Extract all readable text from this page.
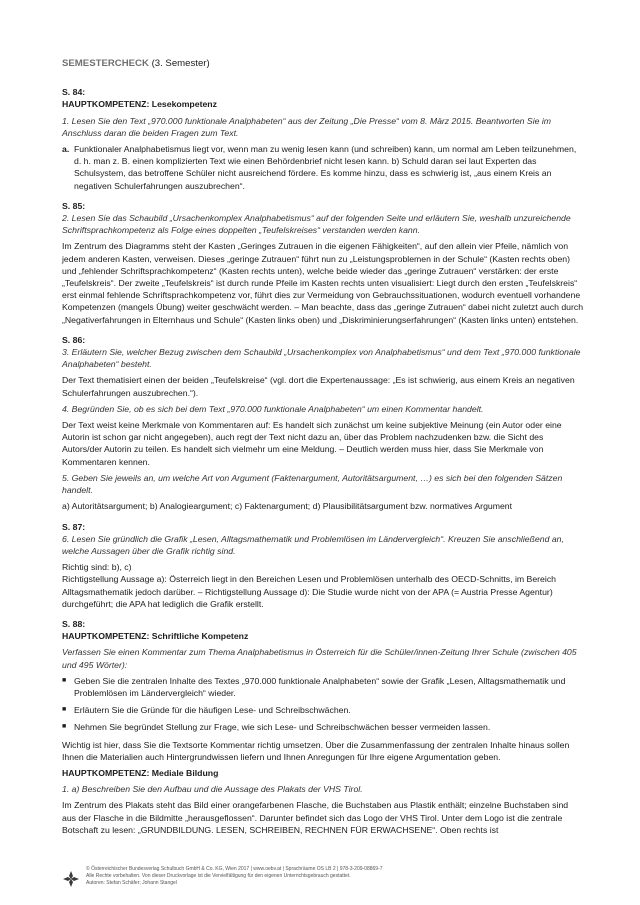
SEMESTERCHECK (3. Semester)
S. 84:
HAUPTKOMPETENZ: Lesekompetenz

1. Lesen Sie den Text „970.000 funktionale Analphabeten“ aus der Zeitung „Die Presse“ vom 8. März 2015. Beantworten Sie im Anschluss daran die beiden Fragen zum Text.

a. Funktionaler Analphabetismus liegt vor, wenn man zu wenig lesen kann (und schreiben) kann, um normal am Leben teilzunehmen, d. h. man z. B. einen komplizierten Text wie einen Behördenbrief nicht lesen kann. b) Schuld daran sei laut Experten das Schulsystem, das betroffene Schüler nicht ausreichend fördere. Es komme hinzu, dass es schwierig ist, „aus einem Kreis an negativen Schulerfahrungen auszubrechen“.
S. 85:

2. Lesen Sie das Schaubild „Ursachenkomplex Analphabetismus“ auf der folgenden Seite und erläutern Sie, weshalb unzureichende Schriftsprachkompetenz als Folge eines doppelten „Teufelskreises“ verstanden werden kann.

Im Zentrum des Diagramms steht der Kasten „Geringes Zutrauen in die eigenen Fähigkeiten“, auf den allein vier Pfeile, nämlich von jedem anderen Kasten, verweisen. Dieses „geringe Zutrauen“ führt nun zu „Leistungsproblemen in der Schule“ (Kasten rechts oben) und „fehlender Schriftsprachkompetenz“ (Kasten rechts unten), welche beide wieder das „geringe Zutrauen“ verstärken: der erste „Teufelskreis“. Der zweite „Teufelskreis“ ist durch runde Pfeile im Kasten rechts unten visualisiert: Liegt durch den ersten „Teufelskreis“ erst einmal fehlende Schriftsprachkompetenz vor, führt dies zur Vermeidung von Gebrauchssituationen, wodurch eventuell vorhandene Kompetenzen (mangels Übung) weiter geschwächt werden. – Man beachte, dass das „geringe Zutrauen“ dabei nicht zuletzt auch durch „Negativerfahrungen in Elternhaus und Schule“ (Kasten links oben) und „Diskriminierungserfahrungen“ (Kasten links unten) entstehen.

S. 86:

3. Erläutern Sie, welcher Bezug zwischen dem Schaubild „Ursachenkomplex von Analphabetismus“ und dem Text „970.000 funktionale Analphabeten“ besteht.

Der Text thematisiert einen der beiden „Teufelskreise“ (vgl. dort die Expertenaussage: „Es ist schwierig, aus einem Kreis an negativen Schulerfahrungen auszubrechen.“).

4. Begründen Sie, ob es sich bei dem Text „970.000 funktionale Analphabeten“ um einen Kommentar handelt.

Der Text weist keine Merkmale von Kommentaren auf: Es handelt sich zunächst um keine subjektive Meinung (ein Autor oder eine Autorin ist schon gar nicht angegeben), auch regt der Text nicht dazu an, über das Problem nachzudenken bzw. die Sicht des Autors/der Autorin zu teilen. Es handelt sich vielmehr um eine Meldung. – Deutlich werden muss hier, dass Sie Merkmale von Kommentaren kennen.

5. Geben Sie jeweils an, um welche Art von Argument (Faktenargument, Autoritätsargument, …) es sich bei den folgenden Sätzen handelt.

a) Autoritätsargument; b) Analogieargument; c) Faktenargument; d) Plausibilitätsargument bzw. normatives Argument

S. 87:

6. Lesen Sie gründlich die Grafik „Lesen, Alltagsmathematik und Problemlösen im Ländervergleich“. Kreuzen Sie anschließend an, welche Aussagen über die Grafik richtig sind.

Richtig sind: b), c)

Richtigstellung Aussage a): Österreich liegt in den Bereichen Lesen und Problemlösen unterhalb des OECD-Schnitts, im Bereich Alltagsmathematik jedoch darüber. – Richtigstellung Aussage d): Die Studie wurde nicht von der APA (= Austria Presse Agentur) durchgeführt; die APA hat lediglich die Grafik erstellt.

S. 88:
HAUPTKOMPETENZ: Schriftliche Kompetenz

Verfassen Sie einen Kommentar zum Thema Analphabetismus in Österreich für die Schüler/innen-Zeitung Ihrer Schule (zwischen 405 und 495 Wörter):

■ Geben Sie die zentralen Inhalte des Textes „970.000 funktionale Analphabeten“ sowie der Grafik „Lesen, Alltagsmathematik und Problemlösen im Ländervergleich“ wieder.
■ Erläutern Sie die Gründe für die häufigen Lese- und Schreibschwächen.
■ Nehmen Sie begründet Stellung zur Frage, wie sich Lese- und Schreibschwächen besser vermeiden lassen.

Wichtig ist hier, dass Sie die Textsorte Kommentar richtig umsetzen. Über die Zusammenfassung der zentralen Inhalte hinaus sollen Ihnen die Materialien auch Hintergrundwissen liefern und Ihnen Anregungen für Ihre eigene Argumentation geben.

HAUPTKOMPETENZ: Mediale Bildung

1. a) Beschreiben Sie den Aufbau und die Aussage des Plakats der VHS Tirol.

Im Zentrum des Plakats steht das Bild einer orangefarbenen Flasche, die Buchstaben aus Plastik enthält; einzelne Buchstaben sind aus der Flasche in die Bildmitte „herausgeflossen“. Darunter befindet sich das Logo der VHS Tirol. Unter dem Logo ist die zentrale Botschaft zu lesen: „GRUNDBILDUNG. LESEN, SCHREIBEN, RECHNEN FÜR ERWACHSENE“. Oben rechts ist

© Österreichischer Bundesverlag Schulbuch GmbH & Co. KG, Wien 2017 | www.oebv.at | Sprachräume OS LB 2 | 978-3-209-08869-7
Alle Rechte vorbehalten. Von dieser Druckvorlage ist die Vervielfältigung für den eigenen Unterrichtsgebrauch gestattet.
Autoren: Stefan Schäfer; Johann Stangel
